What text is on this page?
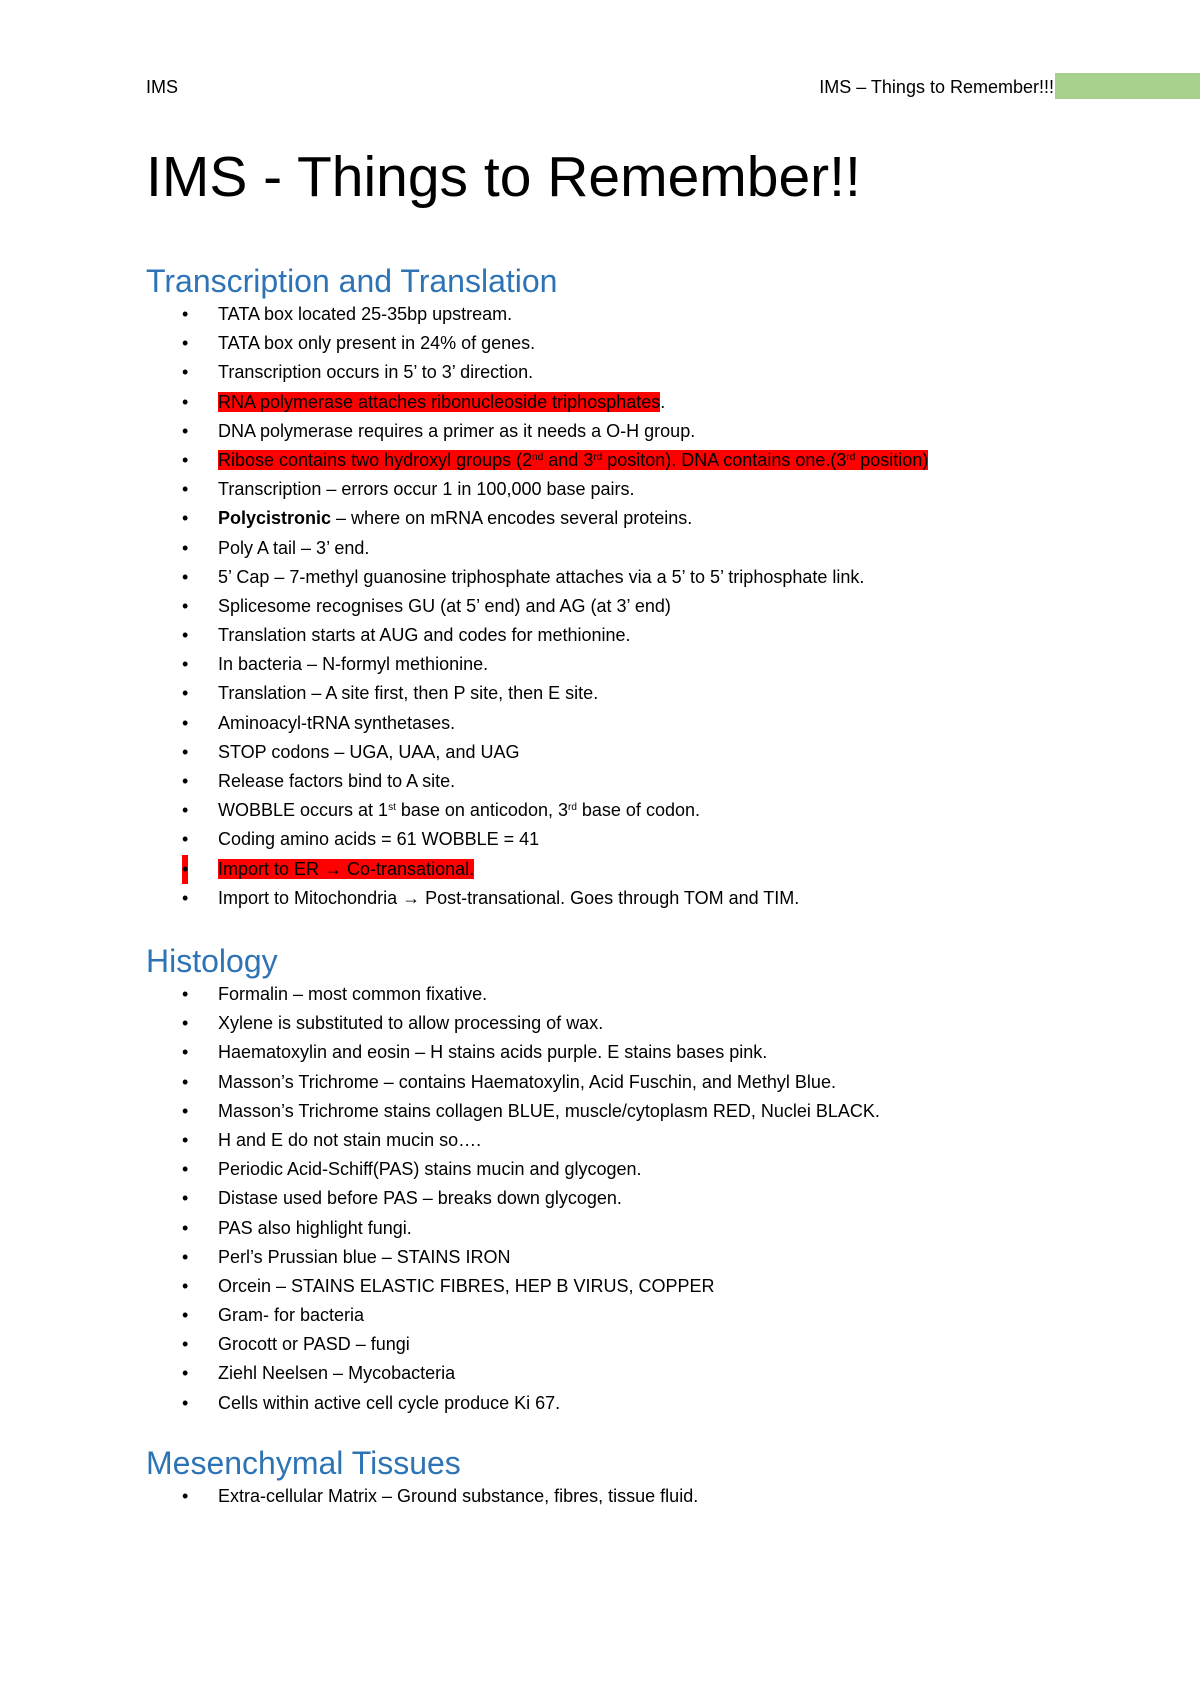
IMS	IMS – Things to Remember!!!
IMS - Things to Remember!!
Transcription and Translation
• TATA box located 25-35bp upstream.
• TATA box only present in 24% of genes.
• Transcription occurs in 5’ to 3’ direction.
• RNA polymerase attaches ribonucleoside triphosphates.
• DNA polymerase requires a primer as it needs a O-H group.
• Ribose contains two hydroxyl groups (2nd and 3rd positon). DNA contains one.(3rd position)
• Transcription – errors occur 1 in 100,000 base pairs.
• Polycistronic – where on mRNA encodes several proteins.
• Poly A tail – 3’ end.
• 5’ Cap – 7-methyl guanosine triphosphate attaches via a 5’ to 5’ triphosphate link.
• Splicesome recognises GU (at 5’ end) and AG (at 3’ end)
• Translation starts at AUG and codes for methionine.
• In bacteria – N-formyl methionine.
• Translation – A site first, then P site, then E site.
• Aminoacyl-tRNA synthetases.
• STOP codons – UGA, UAA, and UAG
• Release factors bind to A site.
• WOBBLE occurs at 1st base on anticodon, 3rd base of codon.
• Coding amino acids = 61 WOBBLE = 41
• Import to ER → Co-transational.
• Import to Mitochondria → Post-transational. Goes through TOM and TIM.
Histology
• Formalin – most common fixative.
• Xylene is substituted to allow processing of wax.
• Haematoxylin and eosin – H stains acids purple. E stains bases pink.
• Masson’s Trichrome – contains Haematoxylin, Acid Fuschin, and Methyl Blue.
• Masson’s Trichrome stains collagen BLUE, muscle/cytoplasm RED, Nuclei BLACK.
• H and E do not stain mucin so….
• Periodic Acid-Schiff(PAS) stains mucin and glycogen.
• Distase used before PAS – breaks down glycogen.
• PAS also highlight fungi.
• Perl’s Prussian blue – STAINS IRON
• Orcein – STAINS ELASTIC FIBRES, HEP B VIRUS, COPPER
• Gram- for bacteria
• Grocott or PASD – fungi
• Ziehl Neelsen – Mycobacteria
• Cells within active cell cycle produce Ki 67.
Mesenchymal Tissues
• Extra-cellular Matrix – Ground substance, fibres, tissue fluid.
